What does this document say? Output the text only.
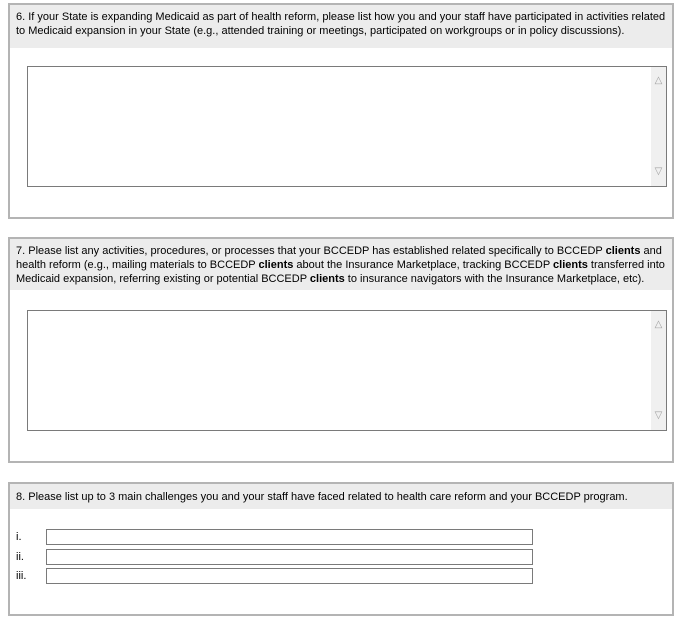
6. If your State is expanding Medicaid as part of health reform, please list how you and your staff have participated in activities related to Medicaid expansion in your State (e.g., attended training or meetings, participated on workgroups or in policy discussions).
△
▽
7. Please list any activities, procedures, or processes that your BCCEDP has established related specifically to BCCEDP clients and health reform (e.g., mailing materials to BCCEDP clients about the Insurance Marketplace, tracking BCCEDP clients transferred into Medicaid expansion, referring existing or potential BCCEDP clients to insurance navigators with the Insurance Marketplace, etc).
△
▽
8. Please list up to 3 main challenges you and your staff have faced related to health care reform and your BCCEDP program.
i.
ii.
iii.
